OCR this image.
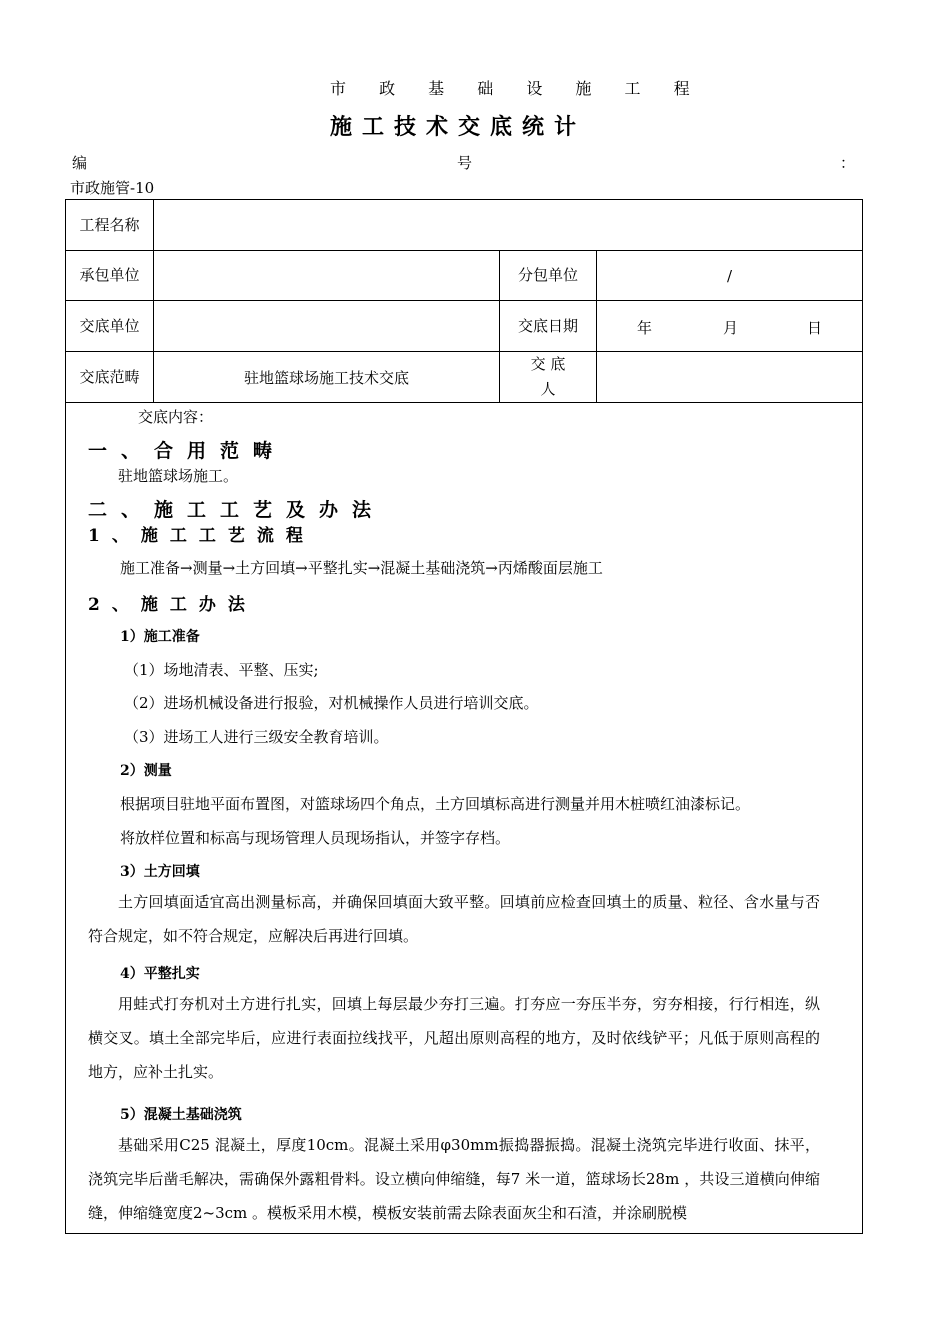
市 政 基 础 设 施 工 程
施工技术交底统计
编	号	：
市政施管-10
工程名称			
承包单位		分包单位	/
交底单位		交底日期	年 月 日

交底范畴	驻地篮球场施工技术交底	交 底 人	
交底内容：
一、合用范畴
驻地篮球场施工。
二、施工工艺及办法
1、施工工艺流程
施工准备→测量→土方回填→平整扎实→混凝土基础浇筑→丙烯酸面层施工
2、施工办法
1）施工准备
（1）场地清表、平整、压实;
（2）进场机械设备进行报验，对机械操作人员进行培训交底。
（3）进场工人进行三级安全教育培训。
2）测量
根据项目驻地平面布置图，对篮球场四个角点，土方回填标高进行测量并用木桩喷红油漆标记。
将放样位置和标高与现场管理人员现场指认，并签字存档。
3）土方回填
土方回填面适宜高出测量标高，并确保回填面大致平整。回填前应检查回填土的质量、粒径、含水量与否符合规定，如不符合规定，应解决后再进行回填。
4）平整扎实
用蛙式打夯机对土方进行扎实，回填上每层最少夯打三遍。打夯应一夯压半夯，穷夯相接，行行相连，纵横交叉。填土全部完毕后，应进行表面拉线找平，凡超出原则高程的地方，及时依线铲平；凡低于原则高程的地方，应补土扎实。
5）混凝土基础浇筑
基础采用C25 混凝土，厚度10cm。混凝土采用φ30mm振捣器振捣。混凝土浇筑完毕进行收面、抹平，浇筑完毕后凿毛解决，需确保外露粗骨料。设立横向伸缩缝，每7 米一道，篮球场长28m ，共设三道横向伸缩缝，伸缩缝宽度2~3cm 。模板采用木模，模板安装前需去除表面灰尘和石渣，并涂刷脱模
